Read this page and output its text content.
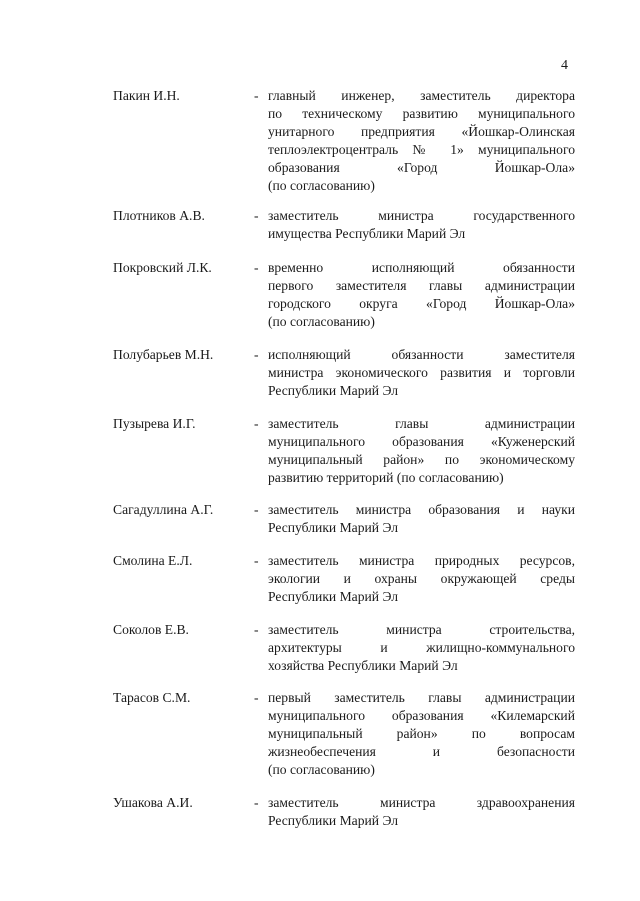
4
Пакин И.Н.	- главный инженер, заместитель директора
по техническому развитию муниципального
унитарного предприятия «Йошкар-Олинская
теплоэлектроцентраль № 1» муниципального
образования «Город Йошкар-Ола»
(по согласованию)
Плотников А.В.	- заместитель министра государственного
имущества Республики Марий Эл
Покровский Л.К.	- временно исполняющий обязанности
первого заместителя главы администрации
городского округа «Город Йошкар-Ола»
(по согласованию)
Полубарьев М.Н.	- исполняющий обязанности заместителя
министра экономического развития и торговли
Республики Марий Эл
Пузырева И.Г.	- заместитель главы администрации
муниципального образования «Куженерский
муниципальный район» по экономическому
развитию территорий (по согласованию)
Сагадуллина А.Г.	- заместитель министра образования и науки
Республики Марий Эл
Смолина Е.Л.	- заместитель министра природных ресурсов,
экологии и охраны окружающей среды
Республики Марий Эл
Соколов Е.В.	- заместитель министра строительства,
архитектуры и жилищно-коммунального
хозяйства Республики Марий Эл
Тарасов С.М.	- первый заместитель главы администрации
муниципального образования «Килемарский
муниципальный район» по вопросам
жизнеобеспечения и безопасности
(по согласованию)
Ушакова А.И.	- заместитель министра здравоохранения
Республики Марий Эл
